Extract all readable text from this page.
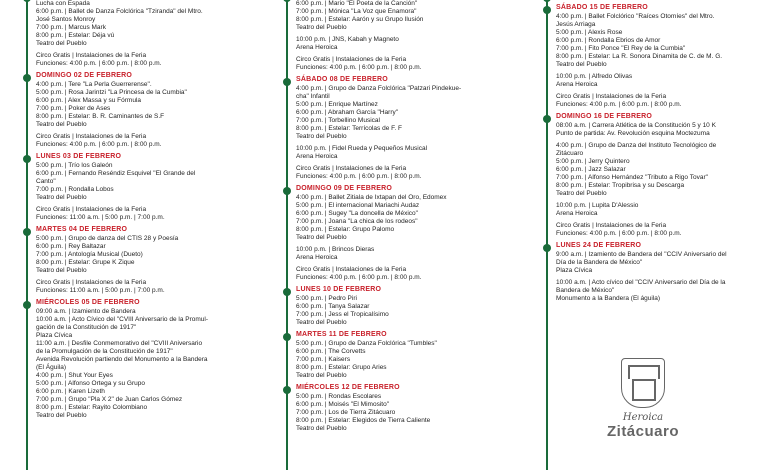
Lucha con Espada
6:00 p.m. | Ballet de Danza Folclórica "Tzirandа" del Mtro.
José Santos Monroy
7:00 p.m. | Marcus Mark
8:00 p.m. | Estelar: Déja vú
Teatro del Pueblo
Circo Gratis | Instalaciones de la Feria
Funciones: 4:00 p.m. | 6:00 p.m. | 8:00 p.m.
DOMINGO 02 DE FEBRERO
4:00 p.m. | Tere "La Perla Guerrerense".
5:00 p.m. | Rosa Jarintzi "La Princesa de la Cumbia"
6:00 p.m. | Alex Massa y su Fórmula
7:00 p.m. | Poker de Ases
8:00 p.m. | Estelar: B. R. Caminantes de S.F
Teatro del Pueblo
Circo Gratis | Instalaciones de la Feria
Funciones: 4:00 p.m. | 6:00 p.m. | 8:00 p.m.
LUNES 03 DE FEBRERO
5:00 p.m. | Trío los Galeón
6:00 p.m. | Fernando Reséndiz Esquivel "El Grande del
Canto"
7:00 p.m. | Rondalla Lobos
Teatro del Pueblo
Circo Gratis | Instalaciones de la Feria
Funciones: 11:00 a.m. | 5:00 p.m. | 7:00 p.m.
MARTES 04 DE FEBRERO
5:00 p.m. | Grupo de danza del CTIS 28 y Poesía
6:00 p.m. | Rey Baltazar
7:00 p.m. | Antología Musical (Dueto)
8:00 p.m. | Estelar: Grupe K Zique
Teatro del Pueblo
Circo Gratis | Instalaciones de la Feria
Funciones: 11:00 a.m. | 5:00 p.m. | 7:00 p.m.
MIÉRCOLES 05 DE FEBRERO
09:00 a.m. | Izamiento de Bandera
10:00 a.m. | Acto Cívico del "CVIII Aniversario de la Promul-
gación de la Constitución de 1917"
Plaza Cívica
11:00 a.m. | Desfile Conmemorativo del "CVIII Aniversario
de la Promulgación de la Constitución de 1917"
Avenida Revolución partiendo del Monumento a la Bandera
(El Águila)
4:00 p.m. | Shut Your Eyes
5:00 p.m. | Alfonso Ortega y su Grupo
6:00 p.m. | Karen Lizeth
7:00 p.m. | Grupo "Pla X 2" de Juan Carlos Gómez
8:00 p.m. | Estelar: Rayito Colombiano
Teatro del Pueblo
6:00 p.m. | Mario "El Poeta de la Canción"
7:00 p.m. | Mónica "La Voz que Enamora"
8:00 p.m. | Estelar: Aarón y su Grupo Ilusión
Teatro del Pueblo
10:00 p.m. | JNS, Kabah y Magneto
Arena Heroica
Circo Gratis | Instalaciones de la Feria
Funciones: 4:00 p.m. | 6:00 p.m. | 8:00 p.m.
SÁBADO 08 DE FEBRERO
4:00 p.m. | Grupo de Danza Folclórica "Patzari Pindekue-
cha" Infantil
5:00 p.m. | Enrique Martínez
6:00 p.m. | Abraham García "Harry"
7:00 p.m. | Torbellino Musical
8:00 p.m. | Estelar: Terrícolas de F. F
Teatro del Pueblo
10:00 p.m. | Fidel Rueda y Pequeños Musical
Arena Heroica
Circo Gratis | Instalaciones de la Feria
Funciones: 4:00 p.m. | 6:00 p.m. | 8:00 p.m.
DOMINGO 09 DE FEBRERO
4:00 p.m. | Ballet Zitiala de Ixtapan del Oro, Edomex
5:00 p.m. | El internacional Mariachi Audaz
6:00 p.m. | Sugey "La doncella de México"
7:00 p.m. | Joana "La chica de los rodeos"
8:00 p.m. | Estelar: Grupo Palomo
Teatro del Pueblo
10:00 p.m. | Brincos Dieras
Arena Heroica
Circo Gratis | Instalaciones de la Feria
Funciones: 4:00 p.m. | 6:00 p.m. | 8:00 p.m.
LUNES 10 DE FEBRERO
5:00 p.m. | Pedro Piri
6:00 p.m. | Tanya Salazar
7:00 p.m. | Jess el Tropicalísimo
Teatro del Pueblo
MARTES 11 DE FEBRERO
5:00 p.m. | Grupo de Danza Folclórica "Tumbles"
6:00 p.m. | The Corvetts
7:00 p.m. | Kaisers
8:00 p.m. | Estelar: Grupo Aries
Teatro del Pueblo
MIÉRCOLES 12 DE FEBRERO
5:00 p.m. | Rondas Escolares
6:00 p.m. | Moisés "El Mimosito"
7:00 p.m. | Los de Tierra Zitácuaro
8:00 p.m. | Estelar: Elegidos de Tierra Caliente
Teatro del Pueblo
SÁBADO 15 DE FEBRERO
4:00 p.m. | Ballet Folclórico "Raíces Otomíes" del Mtro.
Jesús Arriaga
5:00 p.m. | Alexis Rose
6:00 p.m. | Rondalla Ebrios de Amor
7:00 p.m. | Fito Ponce "El Rey de la Cumbia"
8:00 p.m. | Estelar: La R. Sonora Dinamita de C. de M. G.
Teatro del Pueblo
10:00 p.m. | Alfredo Olivas
Arena Heroica
Circo Gratis | Instalaciones de la Feria
Funciones: 4:00 p.m. | 6:00 p.m. | 8:00 p.m.
DOMINGO 16 DE FEBRERO
08:00 a.m. | Carrera Atlética de la Constitución 5 y 10 K
Punto de partida: Av. Revolución esquina Moctezuma
4:00 p.m. | Grupo de Danza del Instituto Tecnológico de
Zitácuaro
5:00 p.m. | Jerry Quintero
6:00 p.m. | Jazz Salazar
7:00 p.m. | Alfonso Hernández "Tributo a Rigo Tovar"
8:00 p.m. | Estelar: Tropibrisa y su Descarga
Teatro del Pueblo
10:00 p.m. | Lupita D'Alessio
Arena Heroica
Circo Gratis | Instalaciones de la Feria
Funciones: 4:00 p.m. | 6:00 p.m. | 8:00 p.m.
LUNES 24 DE FEBRERO
9:00 a.m. | Izamiento de Bandera del "CCIV Aniversario del
Día de la Bandera de México"
Plaza Cívica
10:00 a.m. | Acto cívico del "CCIV Aniversario del Día de la
Bandera de México"
Monumento a la Bandera (El águila)
Heroica
Zitácuaro
